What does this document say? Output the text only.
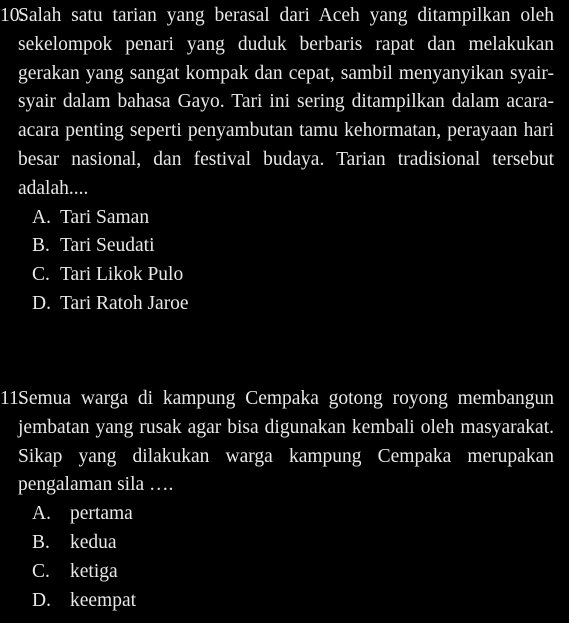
10.
Salah satu tarian yang berasal dari Aceh yang ditampilkan oleh sekelompok penari yang duduk berbaris rapat dan melakukan gerakan yang sangat kompak dan cepat, sambil menyanyikan syair-syair dalam bahasa Gayo. Tari ini sering ditampilkan dalam acara-acara penting seperti penyambutan tamu kehormatan, perayaan hari besar nasional, dan festival budaya. Tarian tradisional tersebut adalah....
A. Tari Saman
B. Tari Seudati
C. Tari Likok Pulo
D. Tari Ratoh Jaroe
11.
Semua warga di kampung Cempaka gotong royong membangun jembatan yang rusak agar bisa digunakan kembali oleh masyarakat. Sikap yang dilakukan warga kampung Cempaka merupakan pengalaman sila ….
A. pertama
B. kedua
C. ketiga
D. keempat
